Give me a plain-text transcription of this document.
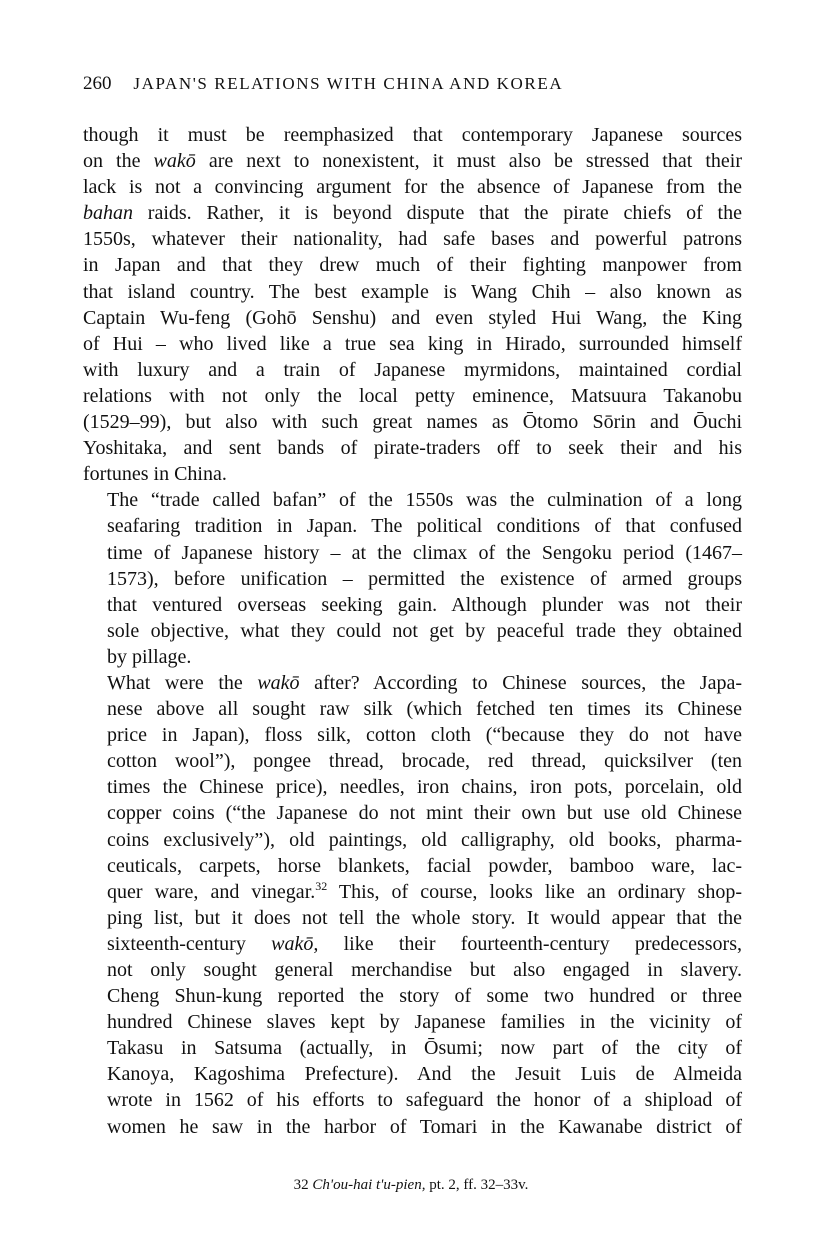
260 JAPAN'S RELATIONS WITH CHINA AND KOREA

though it must be reemphasized that contemporary Japanese sources
on the wakō are next to nonexistent, it must also be stressed that their
lack is not a convincing argument for the absence of Japanese from the
bahan raids. Rather, it is beyond dispute that the pirate chiefs of the
1550s, whatever their nationality, had safe bases and powerful patrons
in Japan and that they drew much of their fighting manpower from
that island country. The best example is Wang Chih – also known as
Captain Wu-feng (Gohō Senshu) and even styled Hui Wang, the King
of Hui – who lived like a true sea king in Hirado, surrounded himself
with luxury and a train of Japanese myrmidons, maintained cordial
relations with not only the local petty eminence, Matsuura Takanobu
(1529–99), but also with such great names as Ōtomo Sōrin and Ōuchi
Yoshitaka, and sent bands of pirate-traders off to seek their and his
fortunes in China.

The “trade called bafan” of the 1550s was the culmination of a long
seafaring tradition in Japan. The political conditions of that confused
time of Japanese history – at the climax of the Sengoku period (1467–
1573), before unification – permitted the existence of armed groups
that ventured overseas seeking gain. Although plunder was not their
sole objective, what they could not get by peaceful trade they obtained
by pillage.

What were the wakō after? According to Chinese sources, the Japa-
nese above all sought raw silk (which fetched ten times its Chinese
price in Japan), floss silk, cotton cloth (“because they do not have
cotton wool”), pongee thread, brocade, red thread, quicksilver (ten
times the Chinese price), needles, iron chains, iron pots, porcelain, old
copper coins (“the Japanese do not mint their own but use old Chinese
coins exclusively”), old paintings, old calligraphy, old books, pharma-
ceuticals, carpets, horse blankets, facial powder, bamboo ware, lac-
quer ware, and vinegar.$^{32}$ This, of course, looks like an ordinary shop-
ping list, but it does not tell the whole story. It would appear that the
sixteenth-century wakō, like their fourteenth-century predecessors,
not only sought general merchandise but also engaged in slavery.
Cheng Shun-kung reported the story of some two hundred or three
hundred Chinese slaves kept by Japanese families in the vicinity of
Takasu in Satsuma (actually, in Ōsumi; now part of the city of
Kanoya, Kagoshima Prefecture). And the Jesuit Luis de Almeida
wrote in 1562 of his efforts to safeguard the honor of a shipload of
women he saw in the harbor of Tomari in the Kawanabe district of

32 Ch'ou-hai t'u-pien, pt. 2, ff. 32–33v.
